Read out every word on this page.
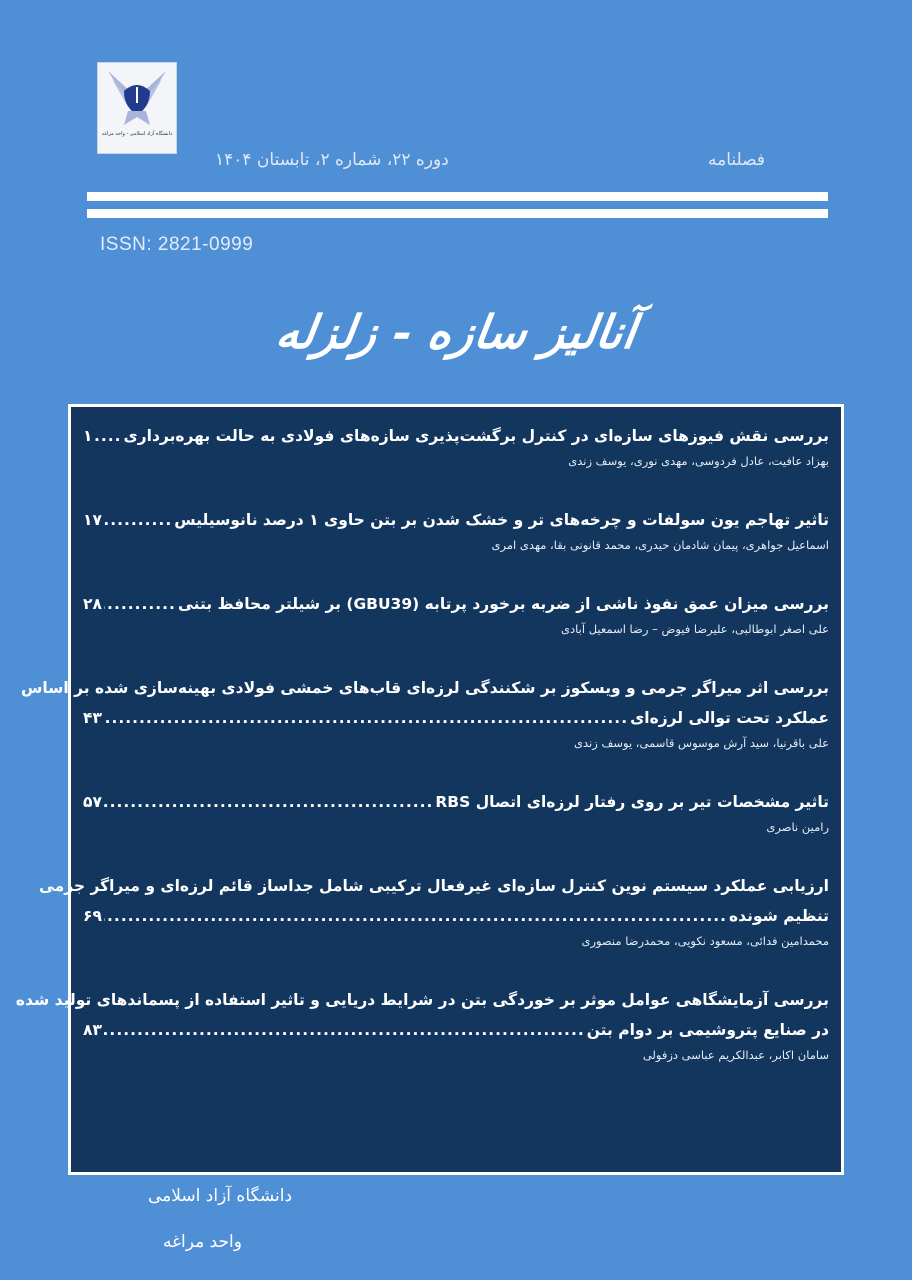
دانشگاه آزاد اسلامی - واحد مراغه
فصلنامه
دوره ۲۲، شماره ۲، تابستان ۱۴۰۴
ISSN: 2821-0999
آنالیز سازه - زلزله
بررسی نقش فیوزهای سازه‌ای در کنترل برگشت‌پذیری سازه‌های فولادی به حالت بهره‌برداری
.....
۱
بهزاد عافیت، عادل فردوسی، مهدی نوری، یوسف زندی
تاثیر تهاجم یون سولفات و چرخه‌های تر و خشک شدن بر بتن حاوی ۱ درصد نانوسیلیس
.....
۱۷
اسماعیل جواهری، پیمان شادمان حیدری، محمد قانونی بقا، مهدی امری
بررسی میزان عمق نفوذ ناشی از ضربه برخورد پرتابه (GBU39) بر شیلتر محافظ بتنی
.....
۲۸
علی اصغر ابوطالبی، علیرضا فیوض – رضا اسمعیل آبادی
بررسی اثر میراگر جرمی و ویسکوز بر شکنندگی لرزه‌ای قاب‌های خمشی فولادی بهینه‌سازی شده بر اساس
عملکرد تحت توالی لرزه‌ای
.....
۴۳
علی باقرنیا، سید آرش موسوس قاسمی، یوسف زندی
تاثیر مشخصات تیر بر روی رفتار لرزه‌ای اتصال RBS
.....
۵۷
رامین ناصری
ارزیابی عملکرد سیستم نوین کنترل سازه‌ای غیرفعال ترکیبی شامل جداساز قائم لرزه‌ای و میراگر جرمی
تنظیم شونده
.....
۶۹
محمدامین فدائی، مسعود نکویی، محمدرضا منصوری
بررسی آزمایشگاهی عوامل موثر بر خوردگی بتن در شرایط دریایی و تاثیر استفاده از پسماندهای تولید شده
در صنایع پتروشیمی بر دوام بتن
.....
۸۳
سامان اکابر، عبدالکریم عباسی دزفولی
دانشگاه آزاد اسلامی
واحد مراغه
